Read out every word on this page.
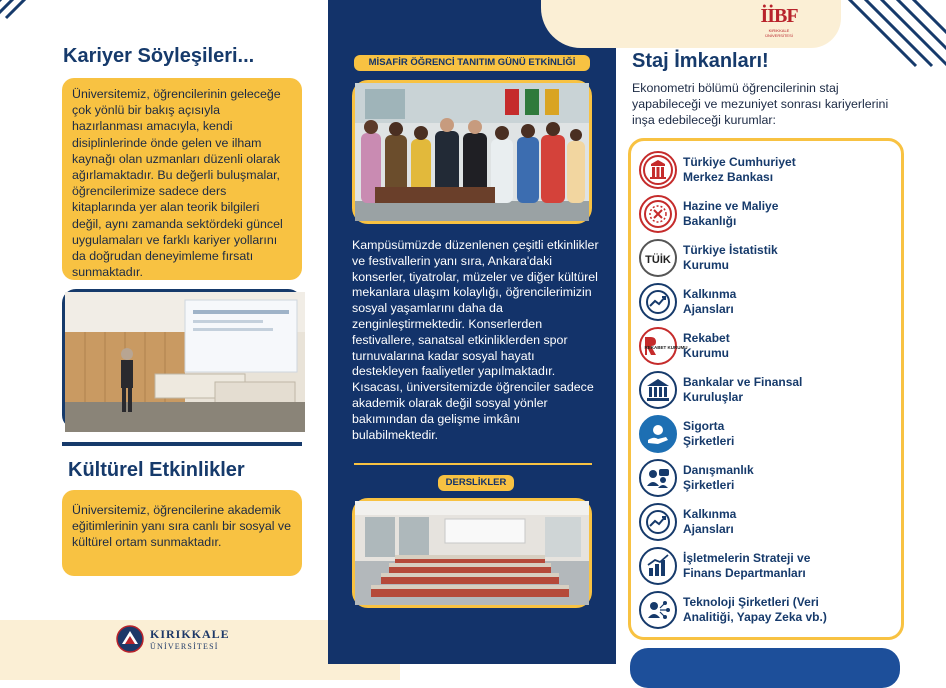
Kariyer Söyleşileri...
Üniversitemiz, öğrencilerinin geleceğe çok yönlü bir bakış açısıyla hazırlanması amacıyla, kendi disiplinlerinde önde gelen ve ilham kaynağı olan uzmanları düzenli olarak ağırlamaktadır. Bu değerli buluşmalar, öğrencilerimize sadece ders kitaplarında yer alan teorik bilgileri değil, aynı zamanda sektördeki güncel uygulamaları ve farklı kariyer yollarını da doğrudan deneyimleme fırsatı sunmaktadır.
Kültürel Etkinlikler
Üniversitemiz, öğrencilerine akademik eğitimlerinin yanı sıra canlı bir sosyal ve kültürel ortam sunmaktadır.
KIRIKKALE
ÜNİVERSİTESİ
MİSAFİR ÖĞRENCİ TANITIM GÜNÜ ETKİNLİĞİ
Kampüsümüzde düzenlenen çeşitli etkinlikler ve festivallerin yanı sıra, Ankara'daki konserler, tiyatrolar, müzeler ve diğer kültürel mekanlara ulaşım kolaylığı, öğrencilerimizin sosyal yaşamlarını daha da zenginleştirmektedir. Konserlerden festivallere, sanatsal etkinliklerden spor turnuvalarına kadar sosyal hayatı destekleyen faaliyetler yapılmaktadır. Kısacası, üniversitemizde öğrenciler sadece akademik olarak değil sosyal yönler bakımından da gelişme imkânı bulabilmektedir.
DERSLİKLER
İİBF
KIRIKKALE ÜNİVERSİTESİ
Staj İmkanları!
Ekonometri bölümü öğrencilerinin staj yapabileceği ve mezuniyet sonrası kariyerlerini inşa edebileceği kurumlar:
Türkiye Cumhuriyet
Merkez Bankası
Hazine ve Maliye
Bakanlığı
TÜİK
Türkiye İstatistik
Kurumu
Kalkınma
Ajansları
REKABET KURUMU
Rekabet
Kurumu
Bankalar ve Finansal
Kuruluşlar
Sigorta
Şirketleri
Danışmanlık
Şirketleri
Kalkınma
Ajansları
İşletmelerin Strateji ve
Finans Departmanları
Teknoloji Şirketleri (Veri
Analitiği, Yapay Zeka vb.)
